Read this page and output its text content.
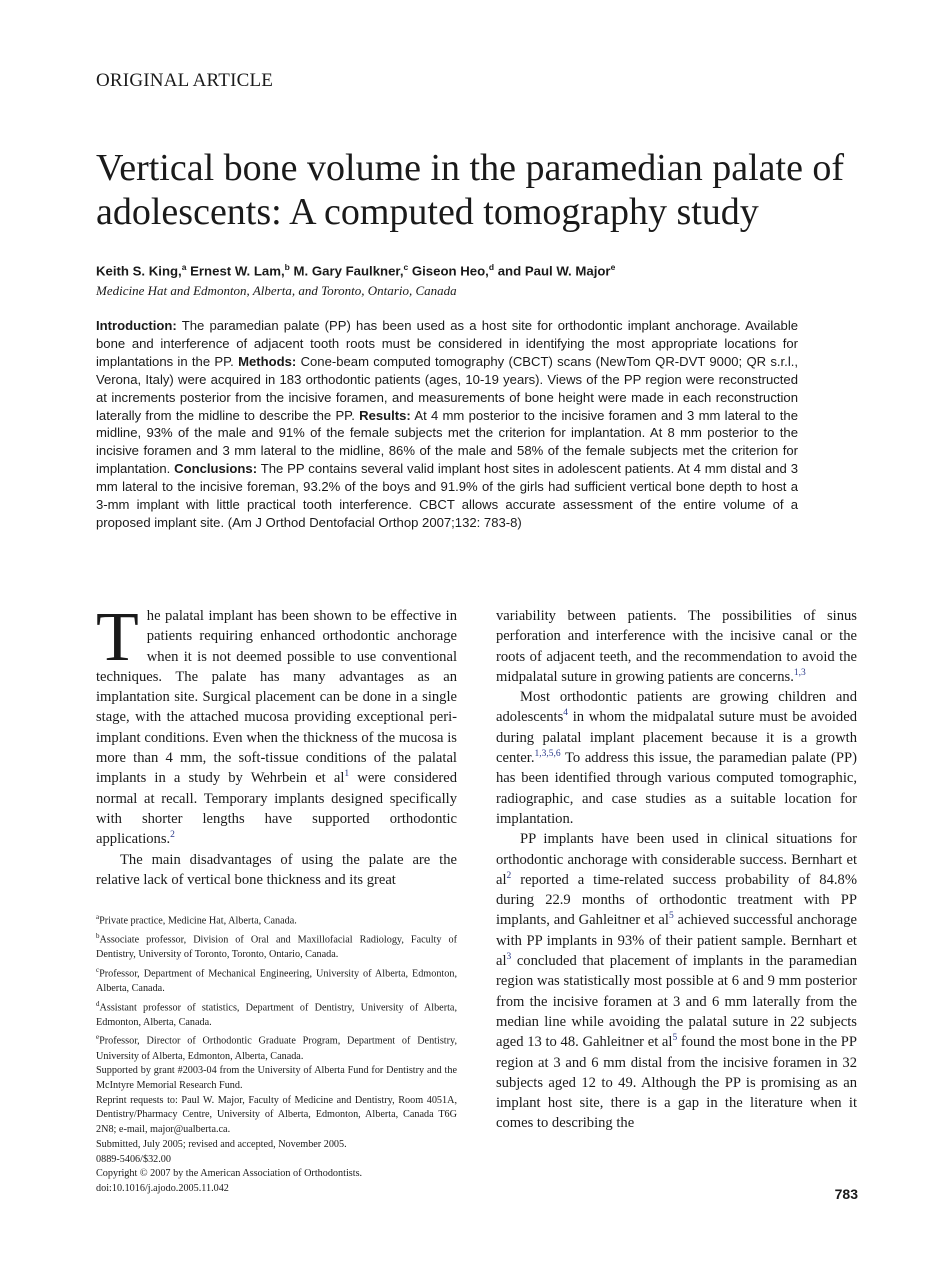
ORIGINAL ARTICLE
Vertical bone volume in the paramedian palate of adolescents: A computed tomography study
Keith S. King,$^a$ Ernest W. Lam,$^b$ M. Gary Faulkner,$^c$ Giseon Heo,$^d$ and Paul W. Major$^e$
Medicine Hat and Edmonton, Alberta, and Toronto, Ontario, Canada

Introduction: The paramedian palate (PP) has been used as a host site for orthodontic implant anchorage. Available bone and interference of adjacent tooth roots must be considered in identifying the most appropriate locations for implantations in the PP. Methods: Cone-beam computed tomography (CBCT) scans (NewTom QR-DVT 9000; QR s.r.l., Verona, Italy) were acquired in 183 orthodontic patients (ages, 10-19 years). Views of the PP region were reconstructed at increments posterior from the incisive foramen, and measurements of bone height were made in each reconstruction laterally from the midline to describe the PP. Results: At 4 mm posterior to the incisive foramen and 3 mm lateral to the midline, 93% of the male and 91% of the female subjects met the criterion for implantation. At 8 mm posterior to the incisive foramen and 3 mm lateral to the midline, 86% of the male and 58% of the female subjects met the criterion for implantation. Conclusions: The PP contains several valid implant host sites in adolescent patients. At 4 mm distal and 3 mm lateral to the incisive foreman, 93.2% of the boys and 91.9% of the girls had sufficient vertical bone depth to host a 3-mm implant with little practical tooth interference. CBCT allows accurate assessment of the entire volume of a proposed implant site. (Am J Orthod Dentofacial Orthop 2007;132: 783-8)

The palatal implant has been shown to be effective in patients requiring enhanced orthodontic anchorage when it is not deemed possible to use conventional techniques. The palate has many advantages as an implantation site. Surgical placement can be done in a single stage, with the attached mucosa providing exceptional peri-implant conditions. Even when the thickness of the mucosa is more than 4 mm, the soft-tissue conditions of the palatal implants in a study by Wehrbein et $al^1$ were considered normal at recall. Temporary implants designed specifically with shorter lengths have supported orthodontic applications.$^2$

The main disadvantages of using the palate are the relative lack of vertical bone thickness and its great

$^a$Private practice, Medicine Hat, Alberta, Canada.
$^b$Associate professor, Division of Oral and Maxillofacial Radiology, Faculty of Dentistry, University of Toronto, Toronto, Ontario, Canada.
$^c$Professor, Department of Mechanical Engineering, University of Alberta, Edmonton, Alberta, Canada.
$^d$Assistant professor of statistics, Department of Dentistry, University of Alberta, Edmonton, Alberta, Canada.
$^e$Professor, Director of Orthodontic Graduate Program, Department of Dentistry, University of Alberta, Edmonton, Alberta, Canada.
Supported by grant #2003-04 from the University of Alberta Fund for Dentistry and the McIntyre Memorial Research Fund.
Reprint requests to: Paul W. Major, Faculty of Medicine and Dentistry, Room 4051A, Dentistry/Pharmacy Centre, University of Alberta, Edmonton, Alberta, Canada T6G 2N8; e-mail, major@ualberta.ca.
Submitted, July 2005; revised and accepted, November 2005.
0889-5406/$32.00
Copyright © 2007 by the American Association of Orthodontists.
doi:10.1016/j.ajodo.2005.11.042

variability between patients. The possibilities of sinus perforation and interference with the incisive canal or the roots of adjacent teeth, and the recommendation to avoid the midpalatal suture in growing patients are concerns.$^{1,3}$

Most orthodontic patients are growing children and adolescents$^4$ in whom the midpalatal suture must be avoided during palatal implant placement because it is a growth center.$^{1,3,5,6}$ To address this issue, the paramedian palate (PP) has been identified through various computed tomographic, radiographic, and case studies as a suitable location for implantation.

PP implants have been used in clinical situations for orthodontic anchorage with considerable success. Bernhart et $al^2$ reported a time-related success probability of 84.8% during 22.9 months of orthodontic treatment with PP implants, and Gahleitner et $al^5$ achieved successful anchorage with PP implants in 93% of their patient sample. Bernhart et $al^3$ concluded that placement of implants in the paramedian region was statistically most possible at 6 and 9 mm posterior from the incisive foramen at 3 and 6 mm laterally from the median line while avoiding the palatal suture in 22 subjects aged 13 to 48. Gahleitner et $al^5$ found the most bone in the PP region at 3 and 6 mm distal from the incisive foramen in 32 subjects aged 12 to 49. Although the PP is promising as an implant host site, there is a gap in the literature when it comes to describing the

783
